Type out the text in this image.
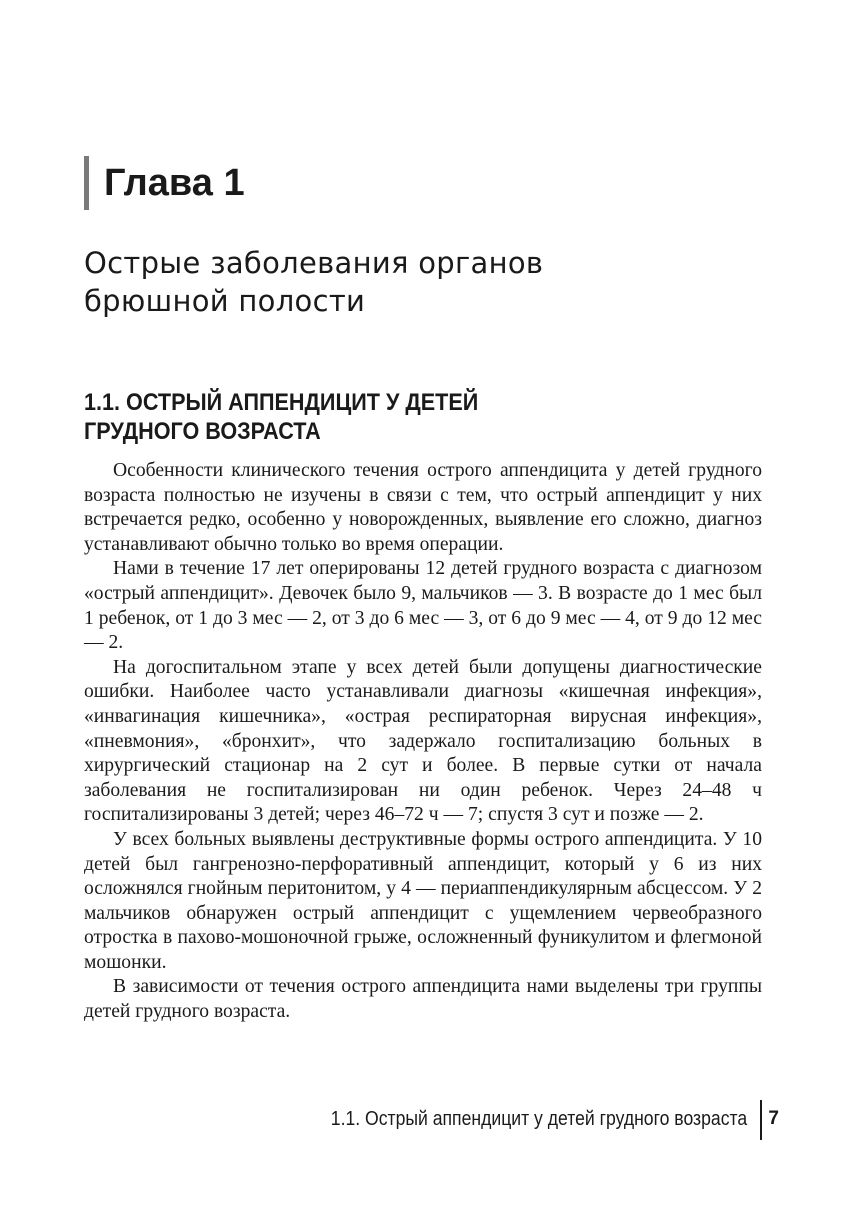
Глава 1
Острые заболевания органов
брюшной полости
1.1. ОСТРЫЙ АППЕНДИЦИТ У ДЕТЕЙ
ГРУДНОГО ВОЗРАСТА

Особенности клинического течения острого аппендицита у детей грудного возраста полностью не изучены в связи с тем, что острый аппендицит у них встречается редко, особенно у новорожденных, выявление его сложно, диагноз устанавливают обычно только во время операции.

Нами в течение 17 лет оперированы 12 детей грудного возраста с диагнозом «острый аппендицит». Девочек было 9, мальчиков — 3. В возрасте до 1 мес был 1 ребенок, от 1 до 3 мес — 2, от 3 до 6 мес — 3, от 6 до 9 мес — 4, от 9 до 12 мес — 2.

На догоспитальном этапе у всех детей были допущены диагностические ошибки. Наиболее часто устанавливали диагнозы «кишечная инфекция», «инвагинация кишечника», «острая респираторная вирусная инфекция», «пневмония», «бронхит», что задержало госпитализацию больных в хирургический стационар на 2 сут и более. В первые сутки от начала заболевания не госпитализирован ни один ребенок. Через 24–48 ч госпитализированы 3 детей; через 46–72 ч — 7; спустя 3 сут и позже — 2.

У всех больных выявлены деструктивные формы острого аппендицита. У 10 детей был гангренозно-перфоративный аппендицит, который у 6 из них осложнялся гнойным перитонитом, у 4 — периаппендикулярным абсцессом. У 2 мальчиков обнаружен острый аппендицит с ущемлением червеобразного отростка в пахово-мошоночной грыже, осложненный фуникулитом и флегмоной мошонки.

В зависимости от течения острого аппендицита нами выделены три группы детей грудного возраста.

1.1. Острый аппендицит у детей грудного возраста 7
